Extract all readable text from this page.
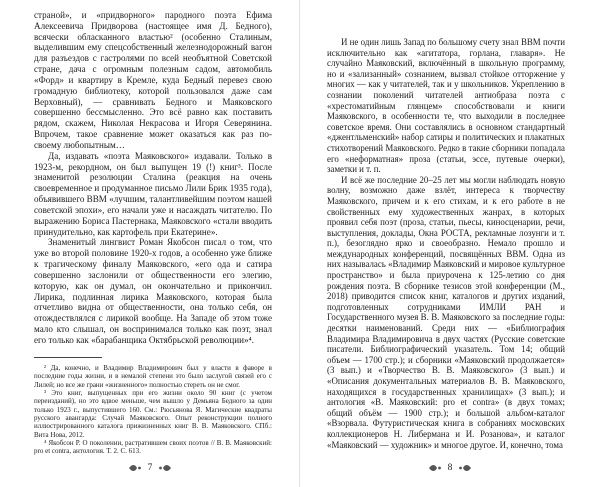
страной», и «придворного» пародного поэта Ефима Алексеевича Придворова (настоящее имя Д. Бедного), всячески обласканного властью² (особенно Сталиным, выделившим ему спецсобственный железнодорожный вагон для разъездов с гастролями по всей необъятной Советской стране, дача с огромным полезным садом, автомобиль «Форд» и квартиру в Кремле, куда Бедный перевез свою громадную библиотеку, которой пользовался даже сам Верховный), — сравнивать Бедного и Маяковского совершенно бессмысленно. Это всё равно как поставить рядом, скажем, Николая Некрасова и Игоря Северянина. Впрочем, такое сравнение может оказаться как раз по-своему любопытным…

Да, издавать «поэта Маяковского» издавали. Только в 1923-м, рекордном, он был выпущен 19 (!) книг³. После знаменитой резолюции Сталина (реакция на очень своевременное и продуманное письмо Лили Брик 1935 года), объявившего ВВМ «лучшим, талантливейшим поэтом нашей советской эпохи», его начали уже и насаждать читателю. По выражению Бориса Пастернака, Маяковского «стали вводить принудительно, как картофель при Екатерине».

Знаменитый лингвист Роман Якобсон писал о том, что уже во второй половине 1920-х годов, а особенно уже ближе к трагическому финалу Маяковского, «его ода и сатира совершенно заслонили от общественности его элегию, которую, как он думал, он окончательно и прикончил. Лирика, подлинная лирика Маяковского, которая была отчетливо видна от общественности, она только себя, он отождествлялся с лирикой вообще. На Западе об этом тоже мало кто слышал, он воспринимался только как поэт, знал его только как «барабанщика Октябрьской революции»⁴.

² Да, конечно, и Владимир Владимирович был у власти в фаворе в последние годы жизни, и в немалой степени это было заслугой связей его с Лилей; но все же грани «жизненного» полностью стереть он не смог.

³ Это книг, выпущенных при его жизни около 90 книг (с учетом переизданий), но это вдвое меньше, чем вышло у Демьяна Бедного за один только 1923 г., выпустившего 160. См.: Рюсьянова Я. Магические квадраты русского авангарда: Случай Маяковского. Опыт реконструкции полного иллюстрированного каталога прижизненных книг В. В. Маяковского. СПб.: Вита Нова, 2012.

⁴ Якобсон Р. О поколении, растратившем своих поэтов // В. В. Маяковский: pro et contra, антология. Т. 2. С. 613.

7

И не один лишь Запад по большому счету знал ВВМ почти исключительно как «агитатора, горлана, главаря». Не случайно Маяковский, включённый в школьную программу, но и «зализанный» сознанием, вызвал стойкое отторжение у многих — как у читателей, так и у школьников. Укреплению в сознании поколений читателей антиобраза поэта с «хрестоматийным глянцем» способствовали и книги Маяковского, в особенности те, что выходили в последнее советское время. Они составлялись в основном стандартный «джентльменский» набор сатиры и политических и плакатных стихотворений Маяковского. Редко в такие сборники попадала его «неформатная» проза (статьи, эссе, путевые очерки), заметки и т. п.

И всё же последние 20–25 лет мы могли наблюдать новую волну, возможно даже взлёт, интереса к творчеству Маяковского, причем и к его стихам, и к его работе в не свойственных ему художественных жанрах, в которых проявил себя поэт (проза, статьи, пьесы, киносценарии, речи, выступления, доклады, Окна РОСТА, рекламные лозунги и т. п.), безоглядно ярко и своеобразно. Немало прошло и международных конференций, посвящённых ВВМ. Одна из них называлась «Владимир Маяковский и мировое культурное пространство» и была приурочена к 125-летию со дня рождения поэта. В сборнике тезисов этой конференции (М., 2018) приводится список книг, каталогов и других изданий, подготовленных сотрудниками ИМЛИ РАН и Государственного музея В. В. Маяковского за последние годы: десятки наименований. Среди них — «Библиография Владимира Владимировича в двух частях (Русские советские писатели. Библиографический указатель. Том 14; общий объем — 1700 стр.); и сборники «Маяковский продолжается» (3 вып.) и «Творчество В. В. Маяковского» (3 вып.) и «Описания документальных материалов В. В. Маяковского, находящихся в государственных хранилищах» (3 вып.); и антология «В. Маяковский: pro et contra» (в двух томах; общий объём — 1900 стр.); и большой альбом-каталог «Взорвала. Футуристическая книга в собраниях московских коллекционеров Н. Либермана и И. Розанова», и каталог «Маяковский — художник» и многое другое. И, конечно, тома

8
